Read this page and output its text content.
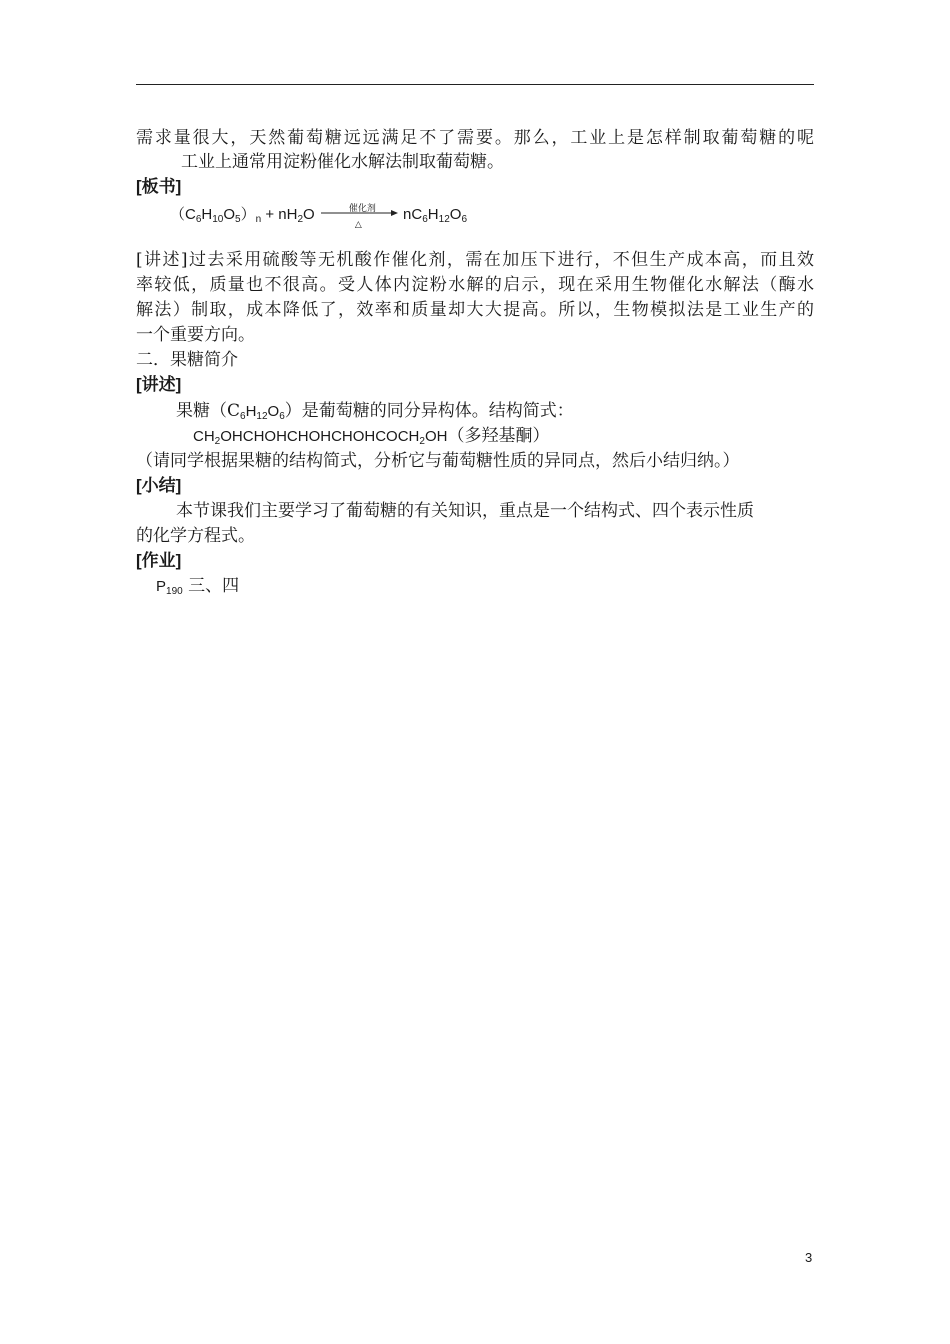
需求量很大，天然葡萄糖远远满足不了需要。那么，工业上是怎样制取葡萄糖的呢
工业上通常用淀粉催化水解法制取葡萄糖。
[板书]
$(C_6H_{10}O_5)_n + nH_2O$	催化剂
△
$nC_6H_{12}O_6$
[讲述]过去采用硫酸等无机酸作催化剂，需在加压下进行，不但生产成本高，而且效
率较低，质量也不很高。受人体内淀粉水解的启示，现在采用生物催化水解法（酶水
解法）制取，成本降低了，效率和质量却大大提高。所以，生物模拟法是工业生产的
一个重要方向。
二．果糖简介
[讲述]
果糖$(C_6H_{12}O_6)$是葡萄糖的同分异构体。结构简式：
$CH_2OHCHOHCHOHCHOHCOCH_2OH$（多羟基酮）
（请同学根据果糖的结构简式，分析它与葡萄糖性质的异同点，然后小结归纳。）
[小结]
本节课我们主要学习了葡萄糖的有关知识，重点是一个结构式、四个表示性质
的化学方程式。
[作业]
$P_{190}$ 三、四
3
